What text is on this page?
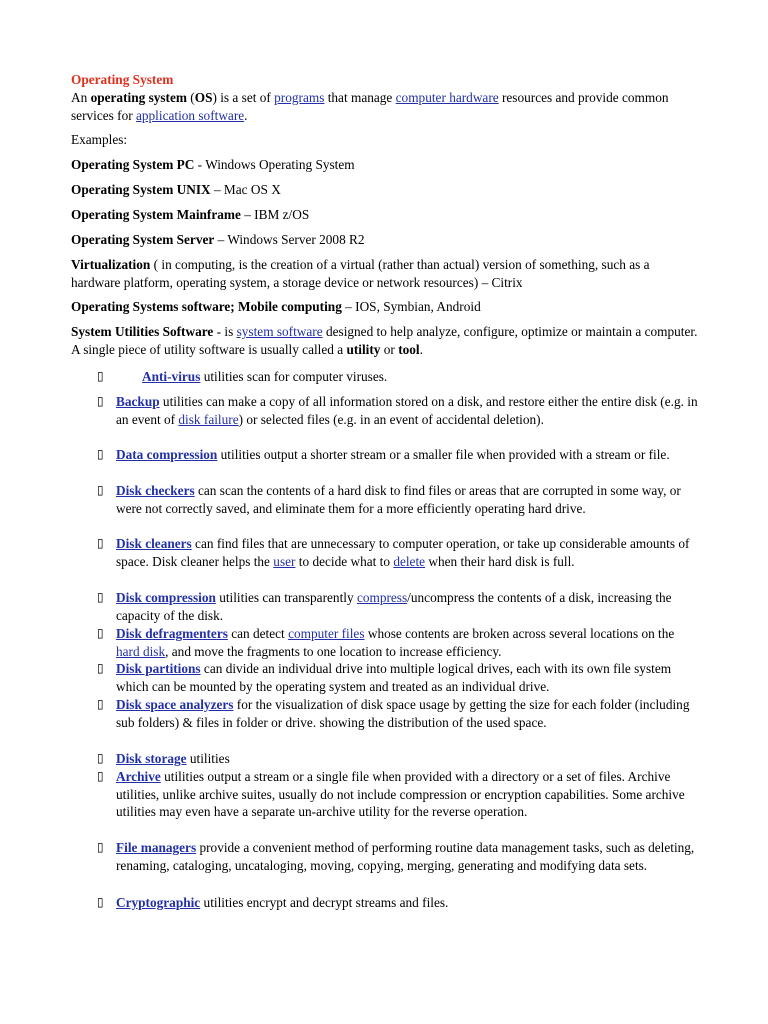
Operating System

An operating system (OS) is a set of programs that manage computer hardware resources and provide common services for application software.

Examples:

Operating System PC - Windows Operating System

Operating System UNIX – Mac OS X

Operating System Mainframe – IBM z/OS

Operating System Server – Windows Server 2008 R2

Virtualization ( in computing, is the creation of a virtual (rather than actual) version of something, such as a hardware platform, operating system, a storage device or network resources) – Citrix

Operating Systems software; Mobile computing – IOS, Symbian, Android

System Utilities Software - is system software designed to help analyze, configure, optimize or maintain a computer. A single piece of utility software is usually called a utility or tool.

▯	Anti-virus utilities scan for computer viruses.

▯ Backup utilities can make a copy of all information stored on a disk, and restore either the entire disk (e.g. in an event of disk failure) or selected files (e.g. in an event of accidental deletion).

▯ Data compression utilities output a shorter stream or a smaller file when provided with a stream or file.

▯ Disk checkers can scan the contents of a hard disk to find files or areas that are corrupted in some way, or were not correctly saved, and eliminate them for a more efficiently operating hard drive.

▯ Disk cleaners can find files that are unnecessary to computer operation, or take up considerable amounts of space. Disk cleaner helps the user to decide what to delete when their hard disk is full.

▯ Disk compression utilities can transparently compress/uncompress the contents of a disk, increasing the capacity of the disk.

▯ Disk defragmenters can detect computer files whose contents are broken across several locations on the hard disk, and move the fragments to one location to increase efficiency.

▯ Disk partitions can divide an individual drive into multiple logical drives, each with its own file system which can be mounted by the operating system and treated as an individual drive.

▯ Disk space analyzers for the visualization of disk space usage by getting the size for each folder (including sub folders) & files in folder or drive. showing the distribution of the used space.

▯ Disk storage utilities

▯ Archive utilities output a stream or a single file when provided with a directory or a set of files. Archive utilities, unlike archive suites, usually do not include compression or encryption capabilities. Some archive utilities may even have a separate un-archive utility for the reverse operation.

▯ File managers provide a convenient method of performing routine data management tasks, such as deleting, renaming, cataloging, uncataloging, moving, copying, merging, generating and modifying data sets.

▯ Cryptographic utilities encrypt and decrypt streams and files.
